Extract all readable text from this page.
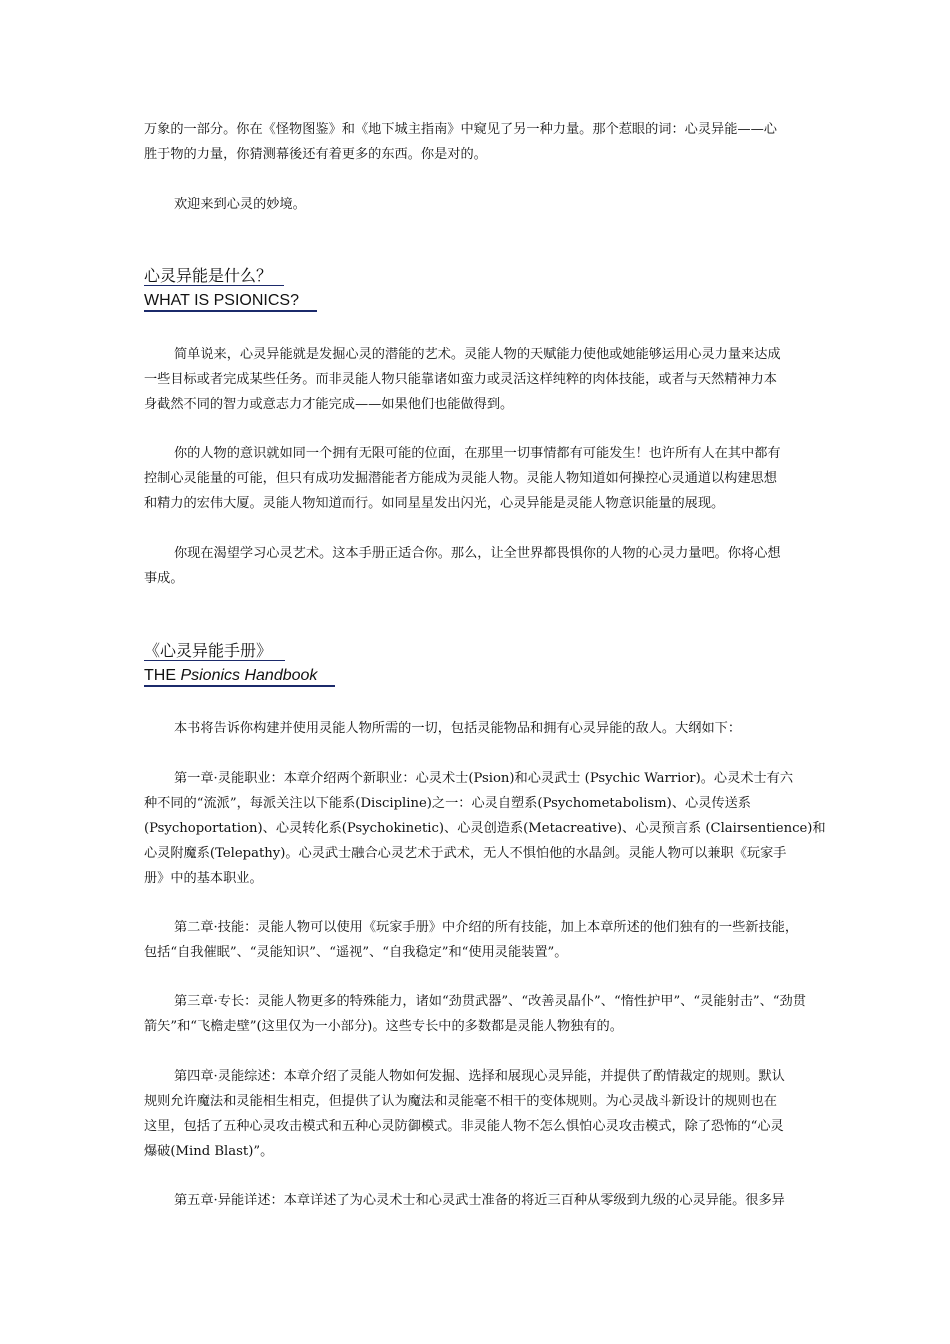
万象的一部分。你在《怪物图鉴》和《地下城主指南》中窥见了另一种力量。那个惹眼的词：心灵异能——心
胜于物的力量，你猜测幕後还有着更多的东西。你是对的。
欢迎来到心灵的妙境。
心灵异能是什么？
WHAT IS PSIONICS?
简单说来，心灵异能就是发掘心灵的潜能的艺术。灵能人物的天赋能力使他或她能够运用心灵力量来达成
一些目标或者完成某些任务。而非灵能人物只能靠诸如蛮力或灵活这样纯粹的肉体技能，或者与天然精神力本
身截然不同的智力或意志力才能完成——如果他们也能做得到。
你的人物的意识就如同一个拥有无限可能的位面，在那里一切事情都有可能发生！也许所有人在其中都有
控制心灵能量的可能，但只有成功发掘潜能者方能成为灵能人物。灵能人物知道如何操控心灵通道以构建思想
和精力的宏伟大厦。灵能人物知道而行。如同星星发出闪光，心灵异能是灵能人物意识能量的展现。
你现在渴望学习心灵艺术。这本手册正适合你。那么，让全世界都畏惧你的人物的心灵力量吧。你将心想
事成。
《心灵异能手册》
THE Psionics Handbook
本书将告诉你构建并使用灵能人物所需的一切，包括灵能物品和拥有心灵异能的敌人。大纲如下：
第一章·灵能职业：本章介绍两个新职业：心灵术士(Psion)和心灵武士 (Psychic Warrior)。心灵术士有六
种不同的“流派”，每派关注以下能系(Discipline)之一：心灵自塑系(Psychometabolism)、心灵传送系
(Psychoportation)、心灵转化系(Psychokinetic)、心灵创造系(Metacreative)、心灵预言系 (Clairsentience)和
心灵附魔系(Telepathy)。心灵武士融合心灵艺术于武术，无人不惧怕他的水晶剑。灵能人物可以兼职《玩家手
册》中的基本职业。
第二章·技能：灵能人物可以使用《玩家手册》中介绍的所有技能，加上本章所述的他们独有的一些新技能，
包括“自我催眠”、“灵能知识”、“遥视”、“自我稳定”和“使用灵能装置”。
第三章·专长：灵能人物更多的特殊能力，诸如“劲贯武器”、“改善灵晶仆”、“惰性护甲”、“灵能射击”、“劲贯
箭矢”和“飞檐走壁”(这里仅为一小部分)。这些专长中的多数都是灵能人物独有的。
第四章·灵能综述：本章介绍了灵能人物如何发掘、选择和展现心灵异能，并提供了酌情裁定的规则。默认
规则允许魔法和灵能相生相克，但提供了认为魔法和灵能毫不相干的变体规则。为心灵战斗新设计的规则也在
这里，包括了五种心灵攻击模式和五种心灵防御模式。非灵能人物不怎么惧怕心灵攻击模式，除了恐怖的“心灵
爆破(Mind Blast)”。
第五章·异能详述：本章详述了为心灵术士和心灵武士准备的将近三百种从零级到九级的心灵异能。很多异
